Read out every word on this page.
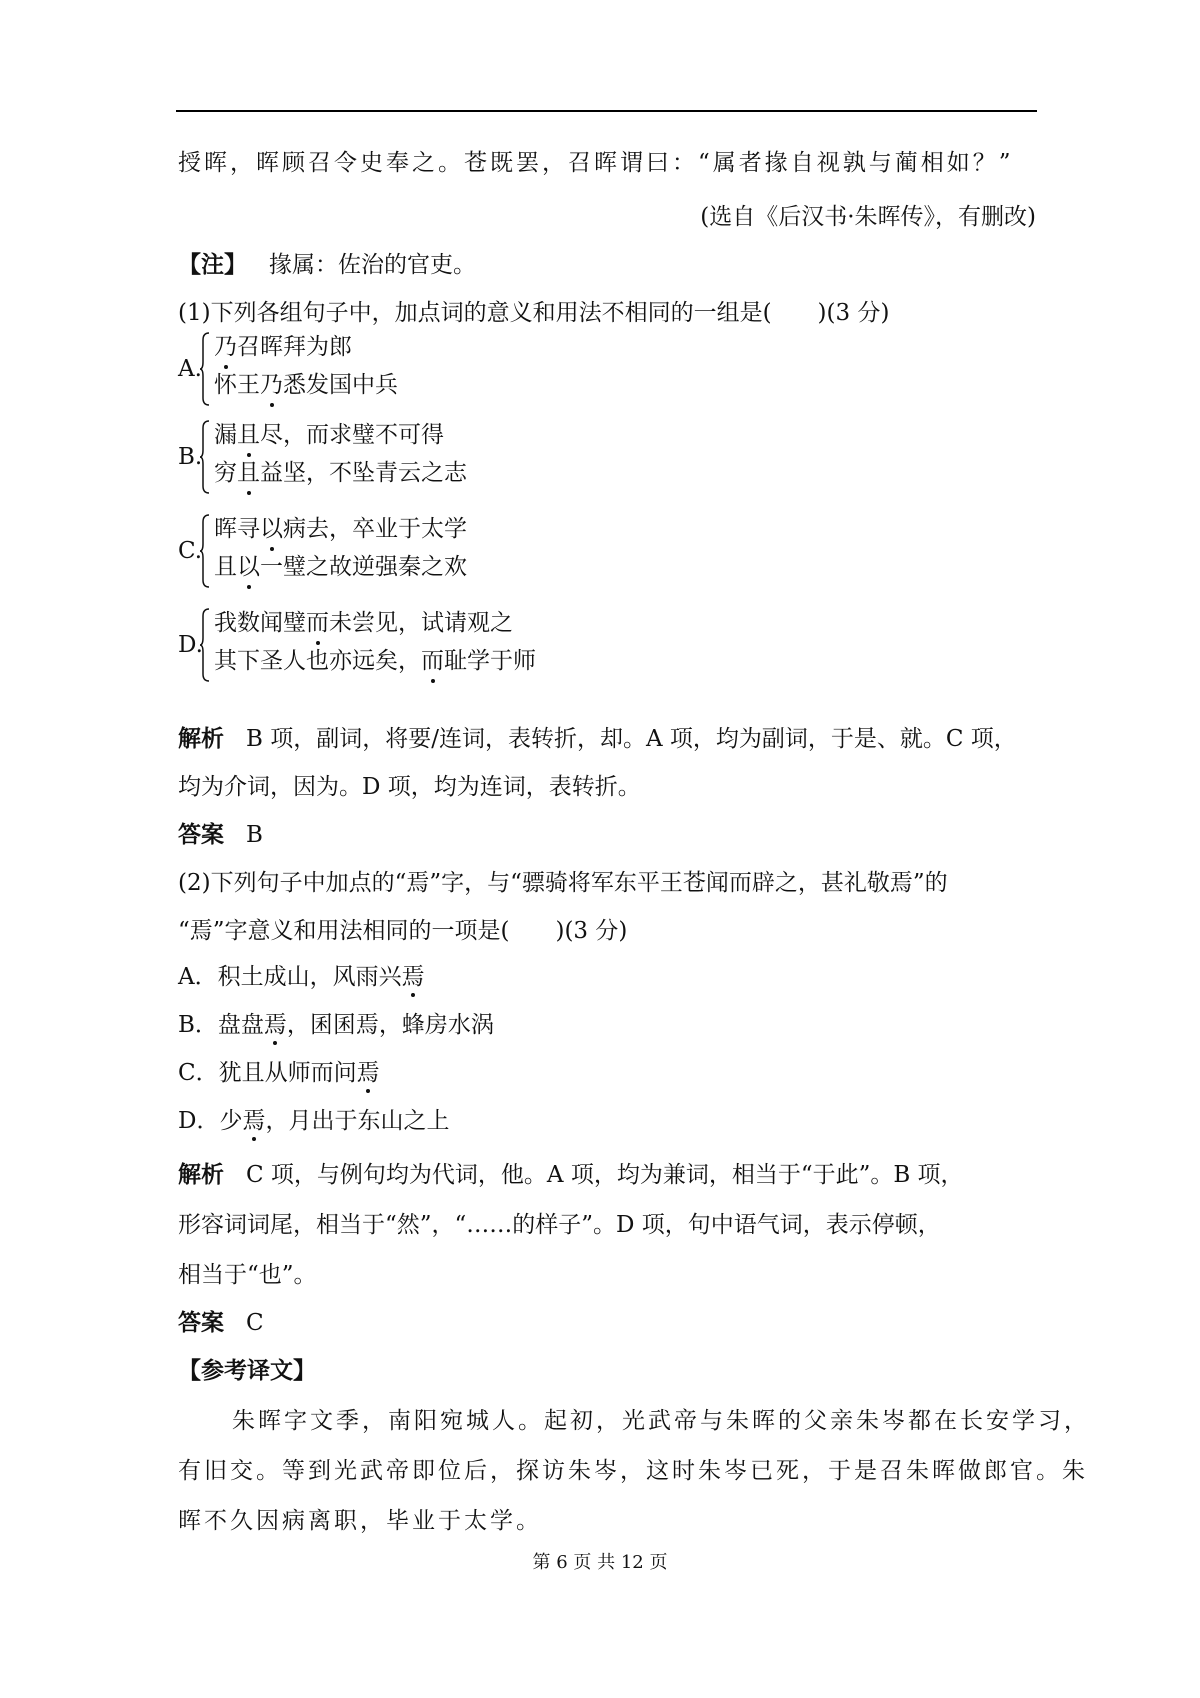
授晖，晖顾召令史奉之。苍既罢，召晖谓曰：“属者掾自视孰与蔺相如？”
(选自《后汉书·朱晖传》，有删改)
【注】 掾属：佐治的官吏。
(1)下列各组句子中，加点词的意义和用法不相同的一组是(　　)(3 分)
A.
乃召晖拜为郎
怀王乃悉发国中兵
B.
漏且尽，而求璧不可得
穷且益坚，不坠青云之志
C.
晖寻以病去，卒业于太学
且以一璧之故逆强秦之欢
D.
我数闻璧而未尝见，试请观之
其下圣人也亦远矣，而耻学于师
解析 B 项，副词，将要/连词，表转折，却。A 项，均为副词，于是、就。C 项，
均为介词，因为。D 项，均为连词，表转折。
答案 B
(2)下列句子中加点的“焉”字，与“骠骑将军东平王苍闻而辟之，甚礼敬焉”的
“焉”字意义和用法相同的一项是(　　)(3 分)
A．积土成山，风雨兴焉
B．盘盘焉，囷囷焉，蜂房水涡
C．犹且从师而问焉
D．少焉，月出于东山之上
解析 C 项，与例句均为代词，他。A 项，均为兼词，相当于“于此”。B 项，
形容词词尾，相当于“然”，“……的样子”。D 项，句中语气词，表示停顿，
相当于“也”。
答案 C
【参考译文】
朱晖字文季，南阳宛城人。起初，光武帝与朱晖的父亲朱岑都在长安学习，
有旧交。等到光武帝即位后，探访朱岑，这时朱岑已死，于是召朱晖做郎官。朱
晖不久因病离职，毕业于太学。
第 6 页 共 12 页
